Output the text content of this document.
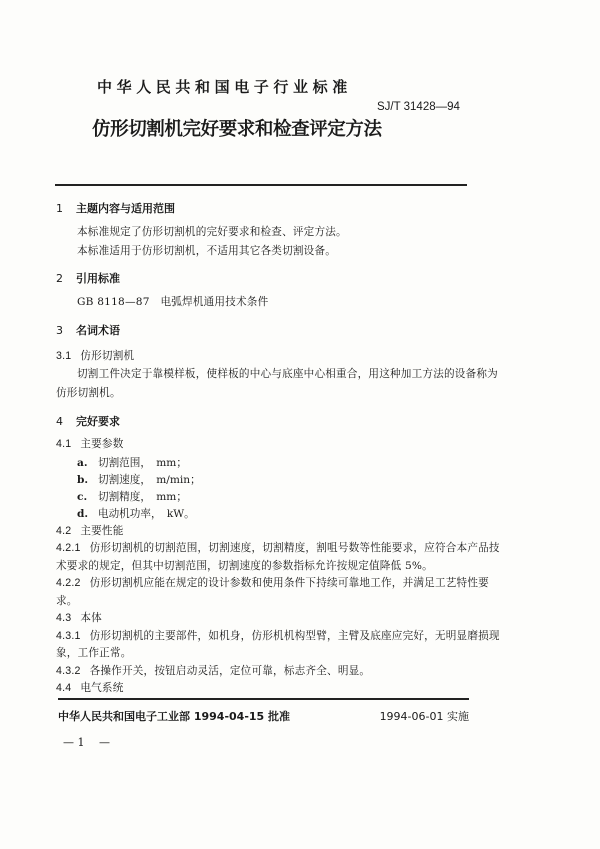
中华人民共和国电子行业标准
SJ/T 31428—94
仿形切割机完好要求和检查评定方法
1 主题内容与适用范围
本标准规定了仿形切割机的完好要求和检查、评定方法。
本标准适用于仿形切割机，不适用其它各类切割设备。
2 引用标准
GB 8118—87　电弧焊机通用技术条件
3 名词术语
3.1 仿形切割机
切割工件决定于靠模样板，使样板的中心与底座中心相重合，用这种加工方法的设备称为
仿形切割机。
4 完好要求
4.1 主要参数
a. 切割范围，　mm；
b. 切割速度，　m/min；
c. 切割精度，　mm；
d. 电动机功率，　kW。
4.2 主要性能
4.2.1 仿形切割机的切割范围，切割速度，切割精度，割咀号数等性能要求，应符合本产品技
术要求的规定，但其中切割范围，切割速度的参数指标允许按规定值降低 5%。
4.2.2 仿形切割机应能在规定的设计参数和使用条件下持续可靠地工作，并满足工艺特性要
求。
4.3 本体
4.3.1 仿形切割机的主要部件，如机身，仿形机机构型臂，主臂及底座应完好，无明显磨损现
象，工作正常。
4.3.2 各操作开关，按钮启动灵活，定位可靠，标志齐全、明显。
4.4 电气系统
中华人民共和国电子工业部 1994-04-15 批准	1994-06-01 实施
— 1　 —
